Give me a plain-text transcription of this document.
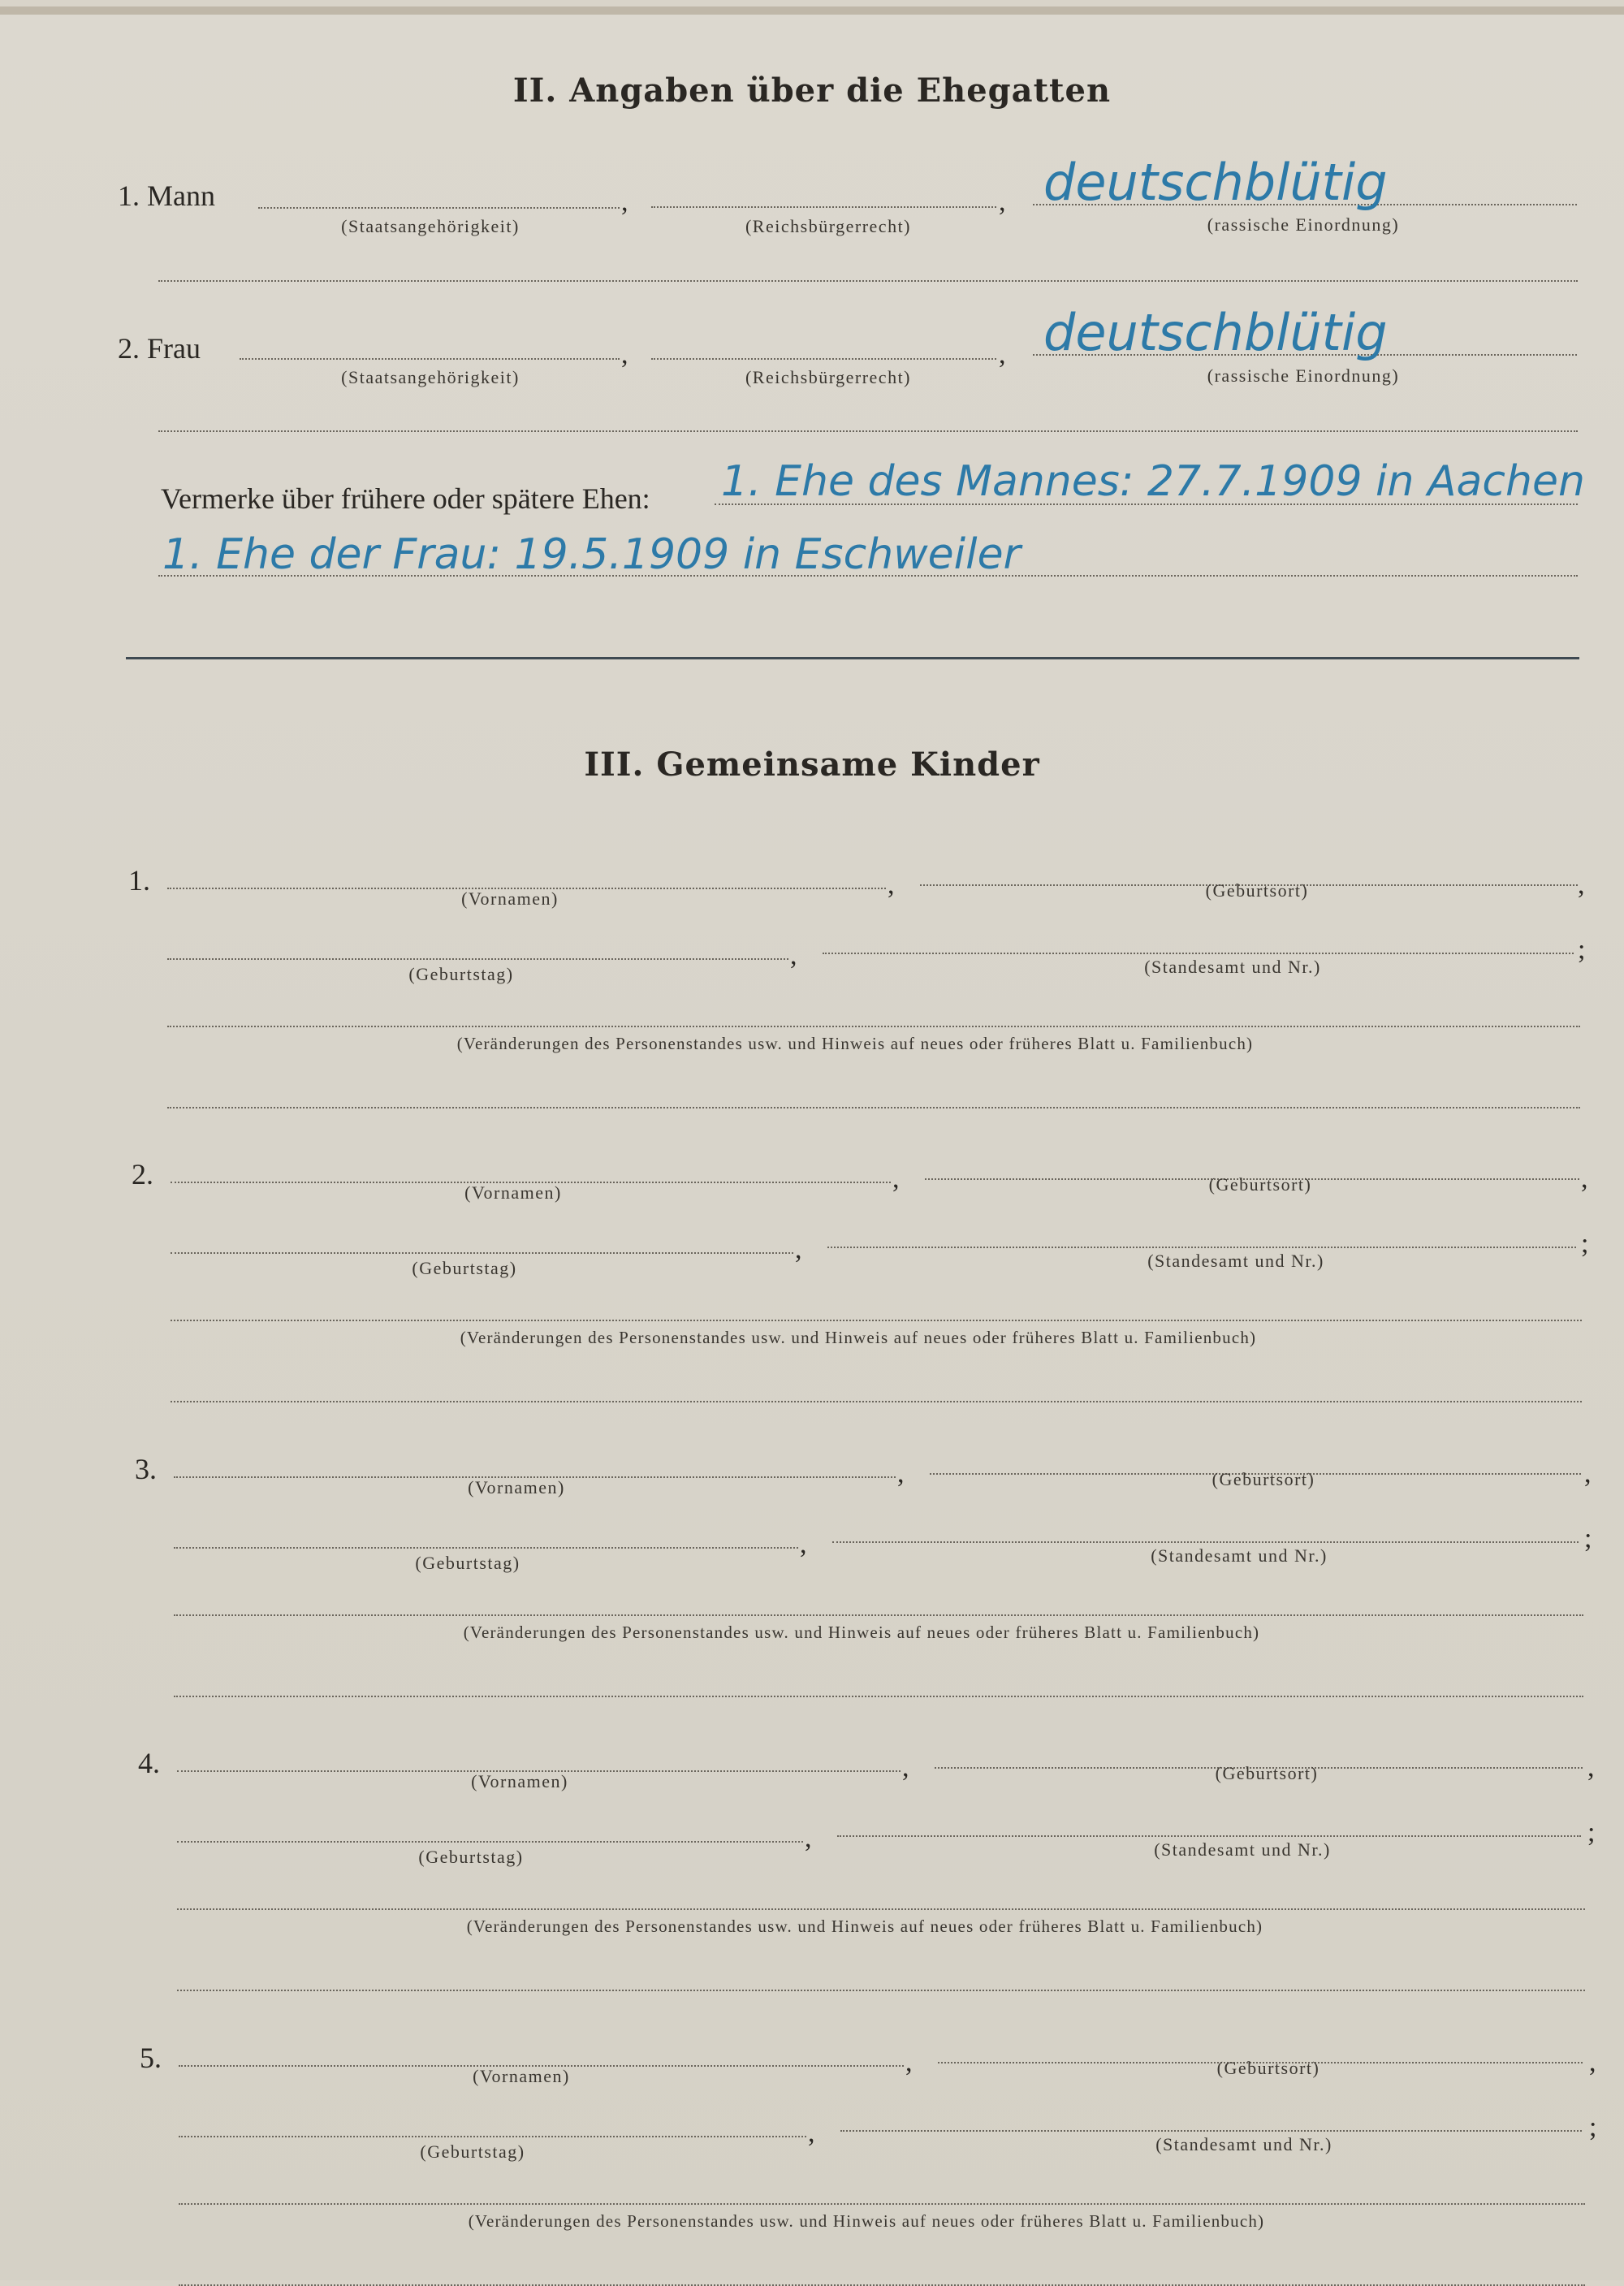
II. Angaben über die Ehegatten
1. Mann	,	, deutschblütig
(Staatsangehörigkeit)	(Reichsbürgerrecht)	(rassische Einordnung)
2. Frau	,	, deutschblütig
(Staatsangehörigkeit)	(Reichsbürgerrecht)	(rassische Einordnung)
Vermerke über frühere oder spätere Ehen: 1. Ehe des Mannes: 27.7.1909 in Aachen
1. Ehe der Frau: 19.5.1909 in Eschweiler
III. Gemeinsame Kinder
1.	,	,
(Vornamen)	(Geburtsort)
,	;
(Geburtstag)	(Standesamt und Nr.)
(Veränderungen des Personenstandes usw. und Hinweis auf neues oder früheres Blatt u. Familienbuch)
2.	,	,
(Vornamen)	(Geburtsort)
,	;
(Geburtstag)	(Standesamt und Nr.)
(Veränderungen des Personenstandes usw. und Hinweis auf neues oder früheres Blatt u. Familienbuch)
3.	,	,
(Vornamen)	(Geburtsort)
,	;
(Geburtstag)	(Standesamt und Nr.)
(Veränderungen des Personenstandes usw. und Hinweis auf neues oder früheres Blatt u. Familienbuch)
4.	,	,
(Vornamen)	(Geburtsort)
,	;
(Geburtstag)	(Standesamt und Nr.)
(Veränderungen des Personenstandes usw. und Hinweis auf neues oder früheres Blatt u. Familienbuch)
5.	,	,
(Vornamen)	(Geburtsort)
,	;
(Geburtstag)	(Standesamt und Nr.)
(Veränderungen des Personenstandes usw. und Hinweis auf neues oder früheres Blatt u. Familienbuch)
